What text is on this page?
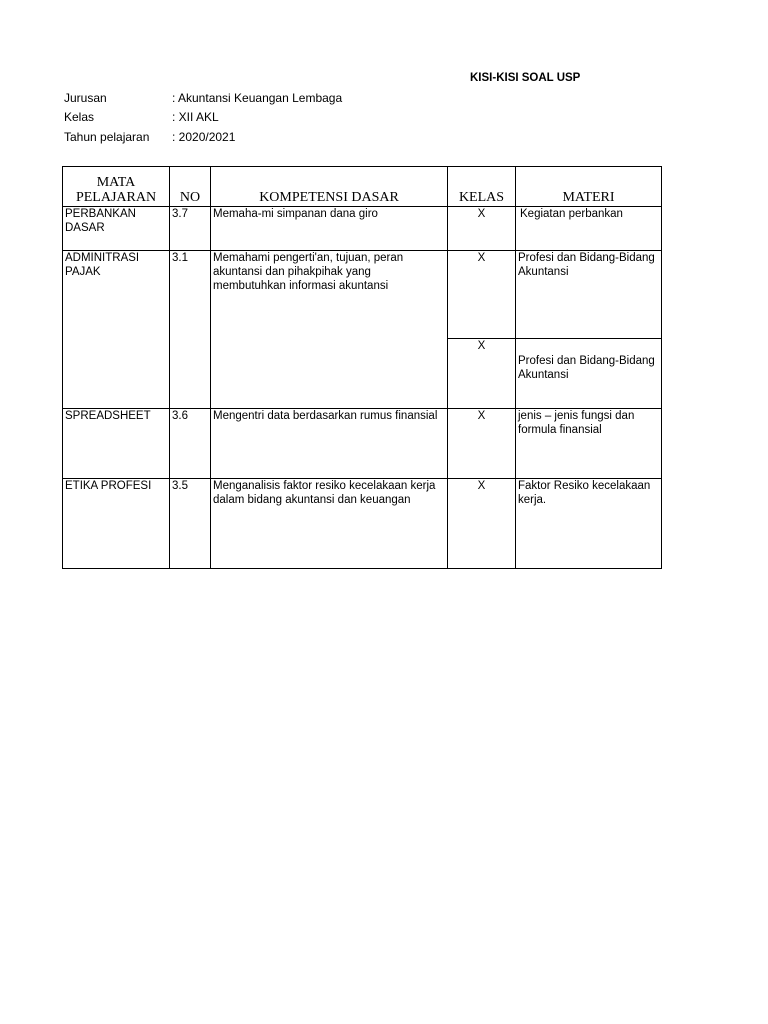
KISI-KISI SOAL USP
Jurusan	: Akuntansi Keuangan Lembaga
Kelas	: XII AKL
Tahun pelajaran	: 2020/2021
MATA
PELAJARAN	NO	KOMPETENSI DASAR	KELAS	MATERI
PERBANKAN DASAR	3.7	Memaha-mi simpanan dana giro	X	Kegiatan perbankan
ADMINITRASI PAJAK	3.1	Memahami pengerti'an, tujuan, peran akuntansi dan pihakpihak yang membutuhkan informasi akuntansi	X	Profesi dan Bidang-Bidang Akuntansi
			X	Profesi dan Bidang-Bidang Akuntansi
SPREADSHEET	3.6	Mengentri data berdasarkan rumus finansial	X	jenis – jenis fungsi dan formula finansial
ETIKA PROFESI	3.5	Menganalisis faktor resiko kecelakaan kerja dalam bidang akuntansi dan keuangan	X	Faktor Resiko kecelakaan kerja.
